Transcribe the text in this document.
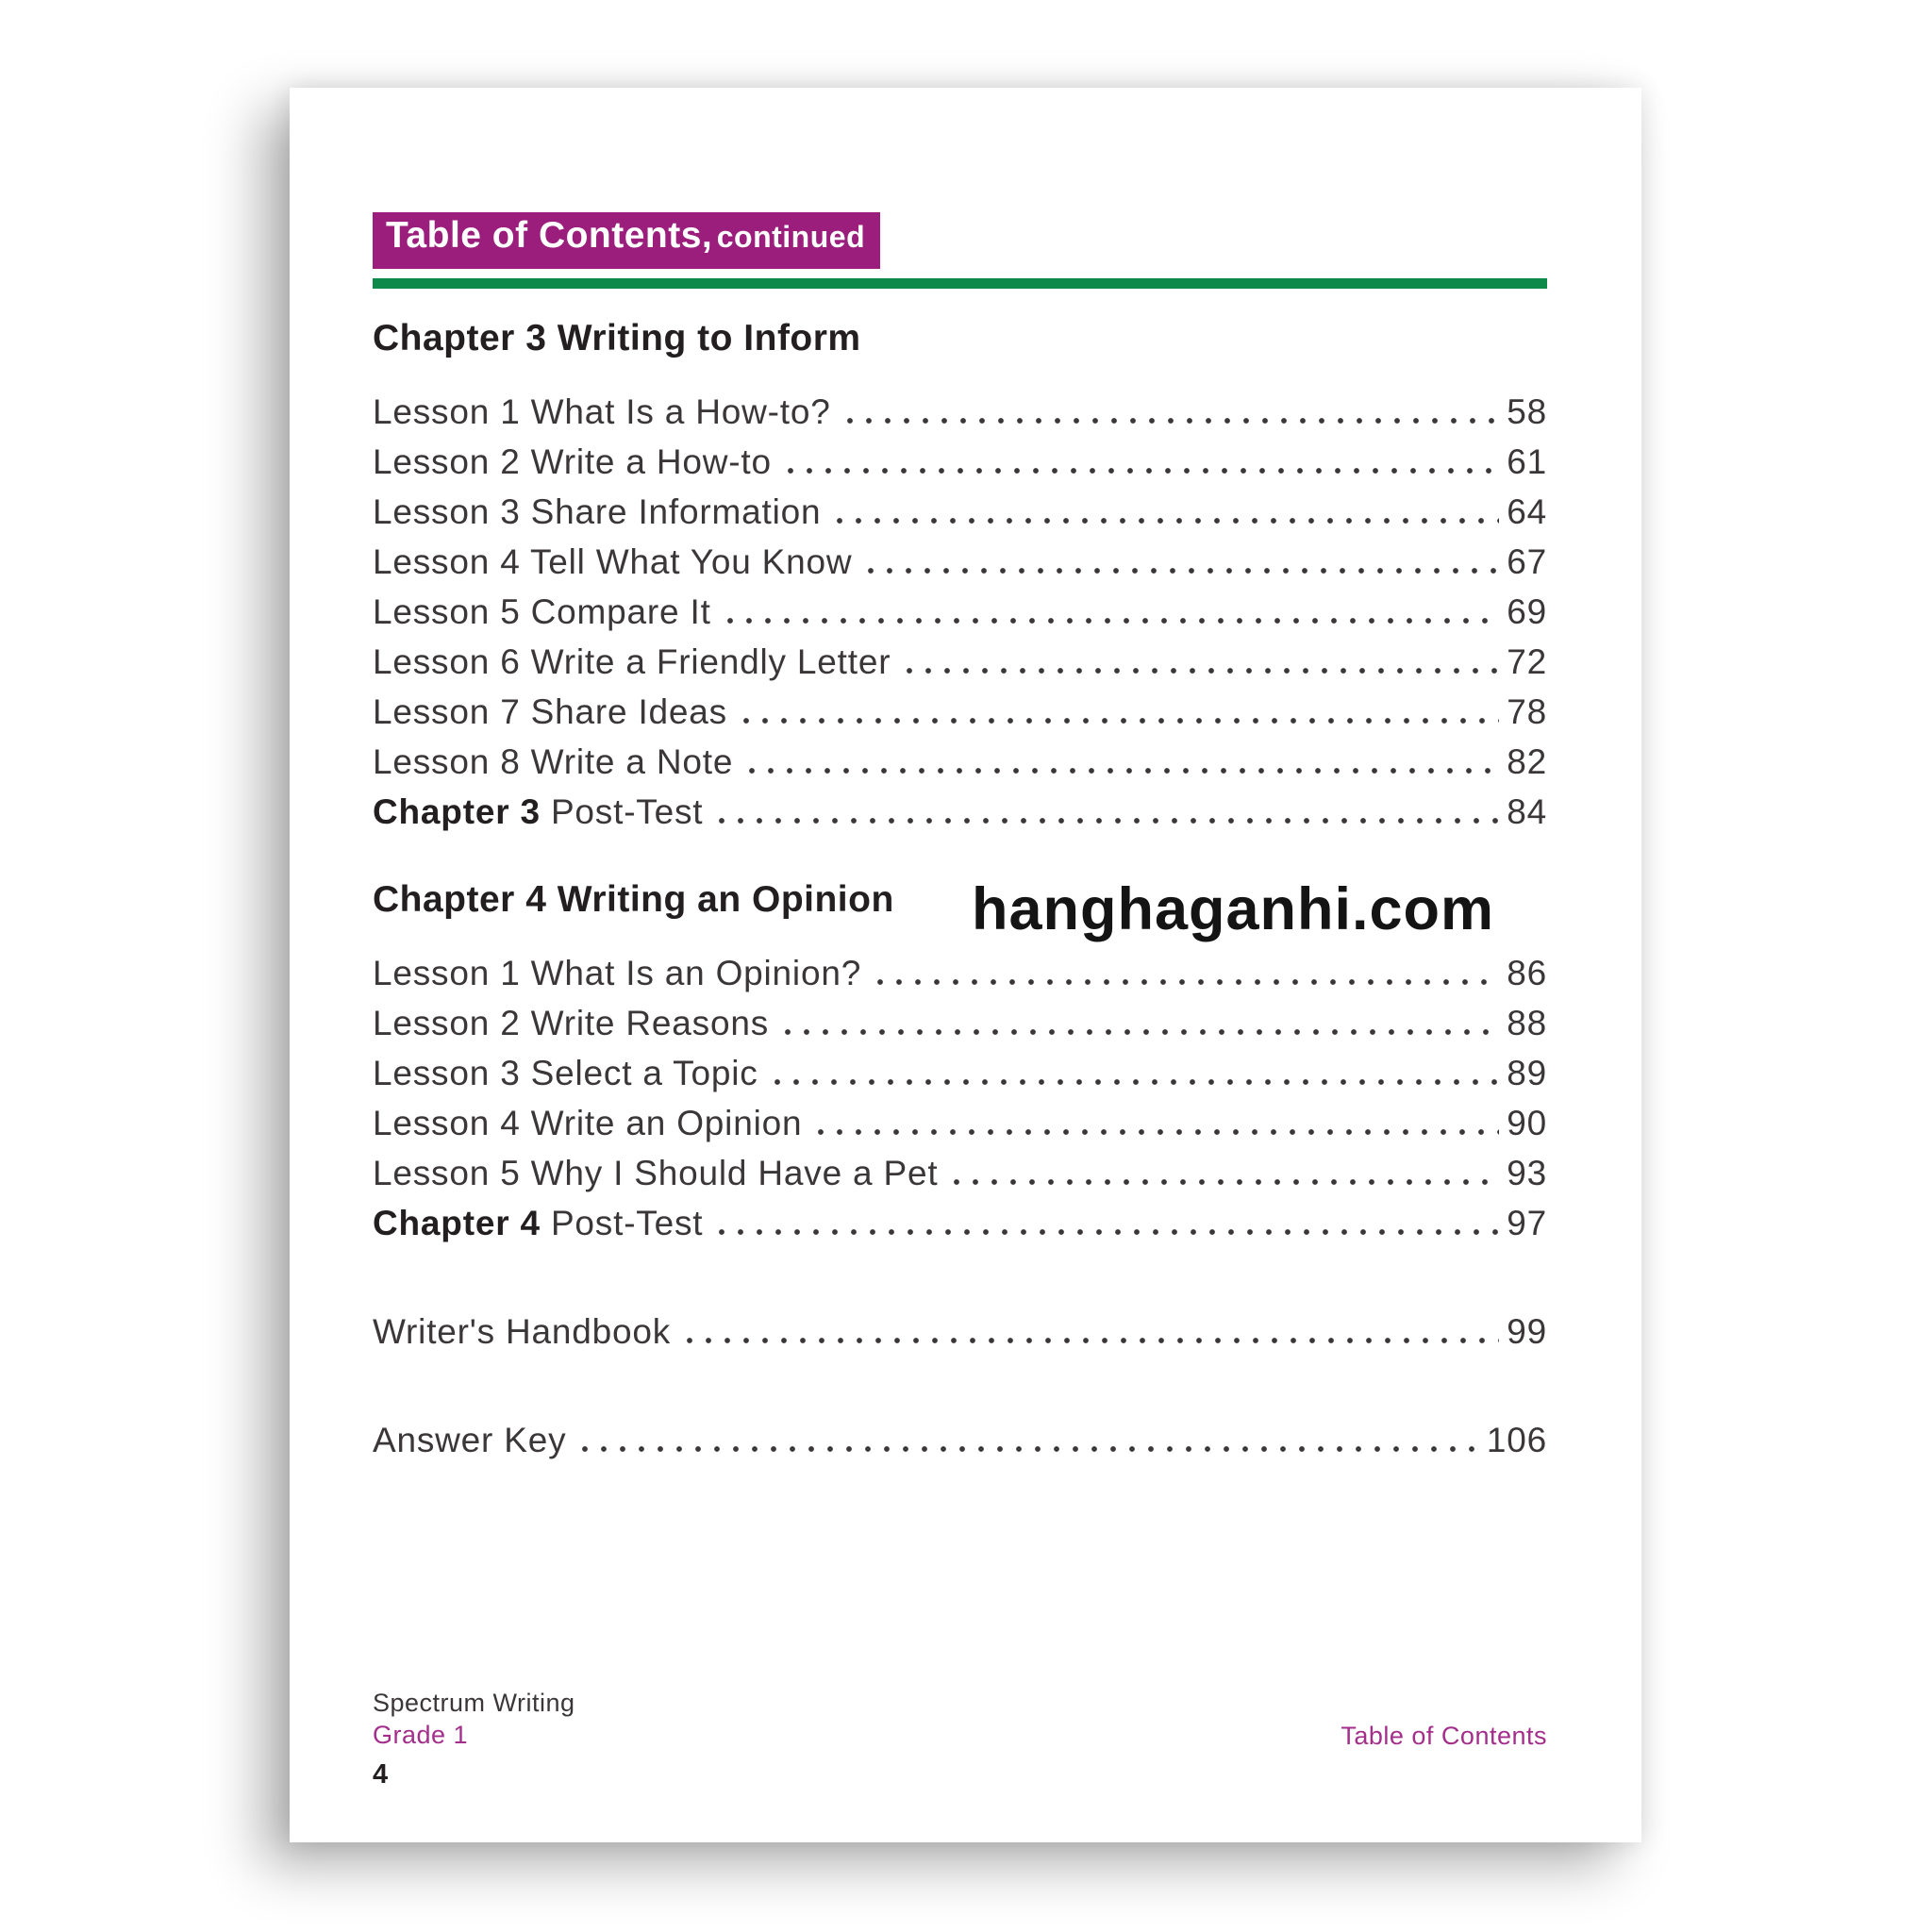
Table of Contents, continued
Chapter 3 Writing to Inform
Lesson 1 What Is a How-to?	58
Lesson 2 Write a How-to	61
Lesson 3 Share Information	64
Lesson 4 Tell What You Know	67
Lesson 5 Compare It	69
Lesson 6 Write a Friendly Letter	72
Lesson 7 Share Ideas	78
Lesson 8 Write a Note	82
Chapter 3 Post-Test	84
Chapter 4 Writing an Opinion
Lesson 1 What Is an Opinion?	86
Lesson 2 Write Reasons	88
Lesson 3 Select a Topic	89
Lesson 4 Write an Opinion	90
Lesson 5 Why I Should Have a Pet	93
Chapter 4 Post-Test	97
Writer's Handbook	99
Answer Key	106
hanghaganhi.com
Spectrum Writing
Grade 1
4
Table of Contents
